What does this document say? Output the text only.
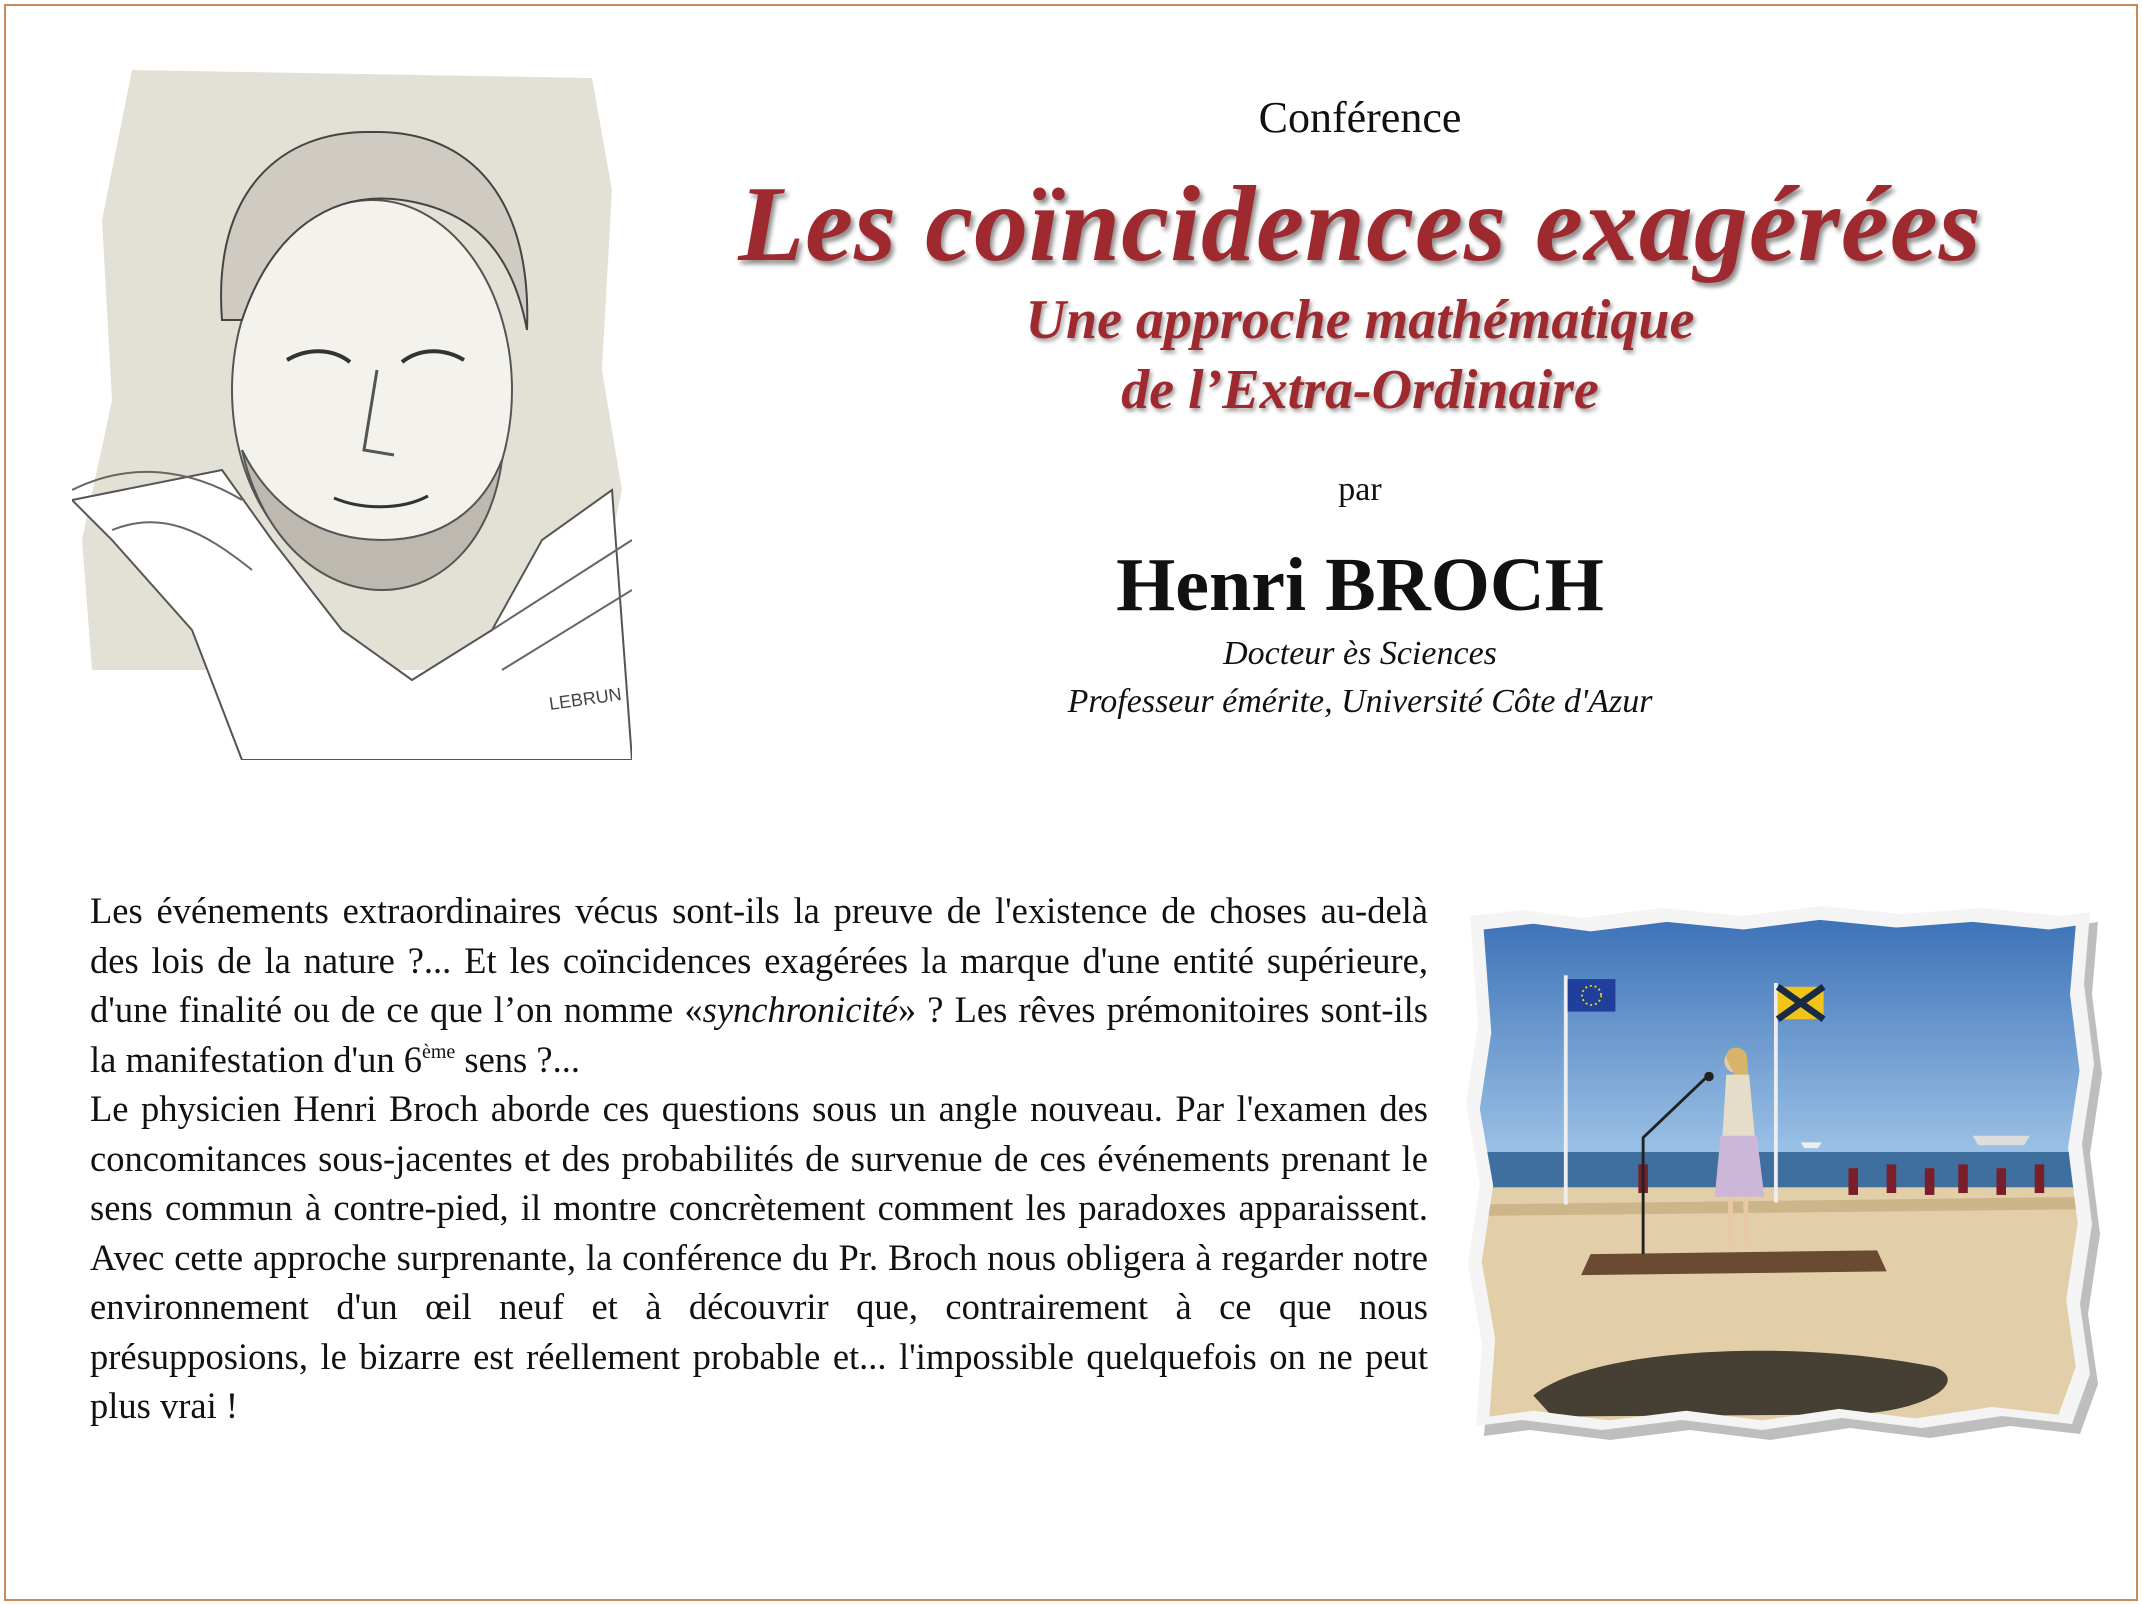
LEBRUN

Conférence

Les coïncidences exagérées

Une approche mathématique

de l’Extra-Ordinaire

par

Henri BROCH

Docteur ès Sciences

Professeur émérite, Université Côte d'Azur

Les événements extraordinaires vécus sont-ils la preuve de l'existence de choses au-delà des lois de la nature ?... Et les coïncidences exagérées la marque d'une entité supérieure, d'une finalité ou de ce que l’on nomme «synchronicité» ? Les rêves prémonitoires sont-ils la manifestation d'un 6ème sens ?...

Le physicien Henri Broch aborde ces questions sous un angle nouveau. Par l'examen des concomitances sous-jacentes et des probabilités de survenue de ces événements prenant le sens commun à contre-pied, il montre concrètement comment les paradoxes apparaissent. Avec cette approche surprenante, la conférence du Pr. Broch nous obligera à regarder notre environnement d'un œil neuf et à découvrir que, contrairement à ce que nous présupposions, le bizarre est réellement probable et... l'impossible quelquefois on ne peut plus vrai !
